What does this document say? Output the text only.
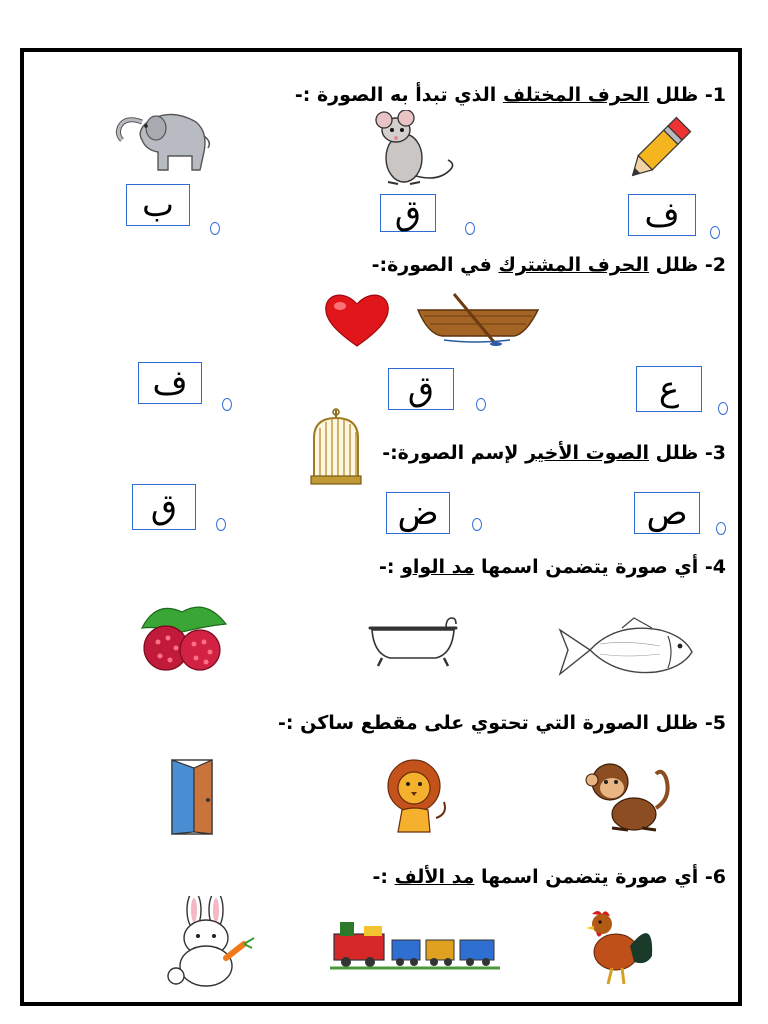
1- ظلل الحرف المختلف الذي تبدأ به الصورة :-
ب	ق	ف
2- ظلل الحرف المشترك في الصورة:-
ف	ق	ع
3- ظلل الصوت الأخير لإسم الصورة:-
ق	ض	ص
4- أي صورة يتضمن اسمها مد الواو :-
5- ظلل الصورة التي تحتوي على مقطع ساكن :-
6- أي صورة يتضمن اسمها مد الألف :-
